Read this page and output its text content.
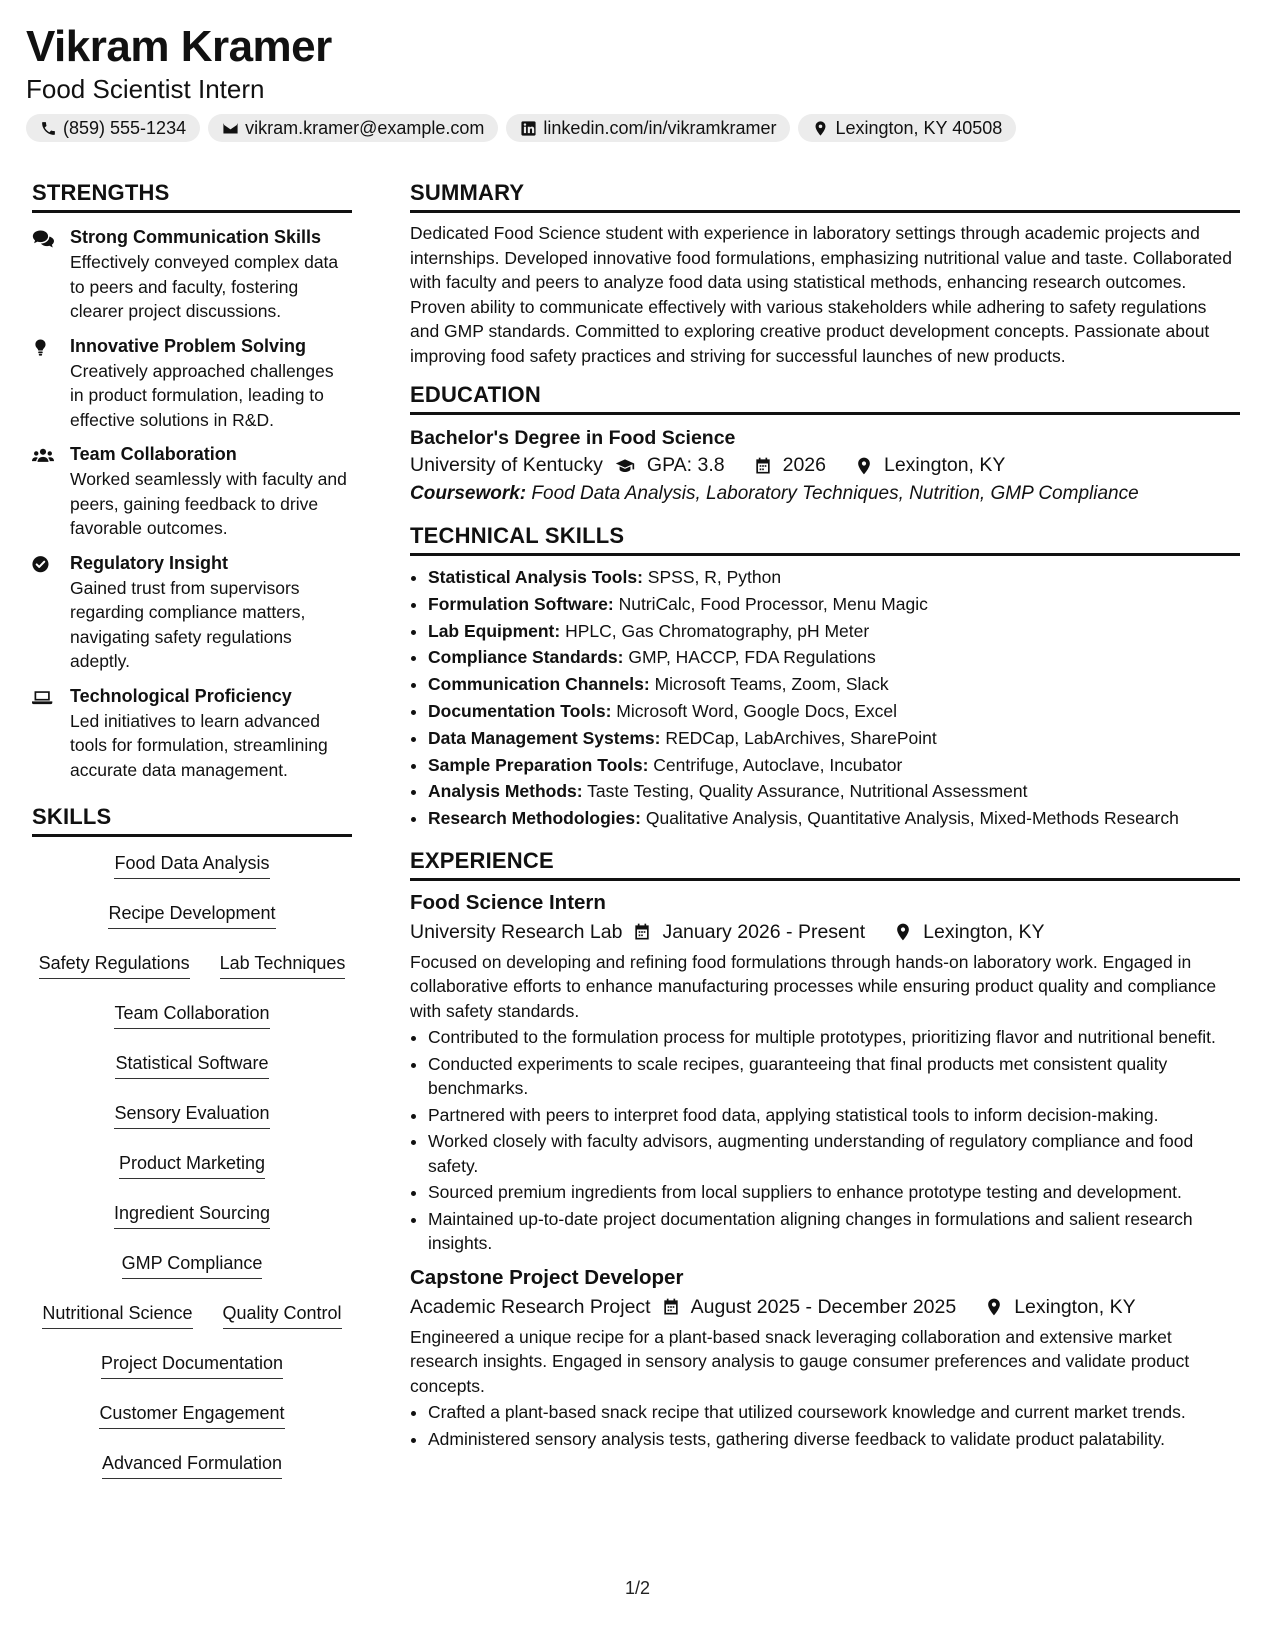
Vikram Kramer
Food Scientist Intern
(859) 555-1234	vikram.kramer@example.com	linkedin.com/in/vikramkramer	Lexington, KY 40508
STRENGTHS
Strong Communication Skills
Effectively conveyed complex data to peers and faculty, fostering clearer project discussions.
Innovative Problem Solving
Creatively approached challenges in product formulation, leading to effective solutions in R&D.
Team Collaboration
Worked seamlessly with faculty and peers, gaining feedback to drive favorable outcomes.
Regulatory Insight
Gained trust from supervisors regarding compliance matters, navigating safety regulations adeptly.
Technological Proficiency
Led initiatives to learn advanced tools for formulation, streamlining accurate data management.
SKILLS
Food Data Analysis
Recipe Development
Safety Regulations Lab Techniques
Team Collaboration
Statistical Software
Sensory Evaluation
Product Marketing
Ingredient Sourcing
GMP Compliance
Nutritional Science Quality Control
Project Documentation
Customer Engagement
Advanced Formulation
SUMMARY

Dedicated Food Science student with experience in laboratory settings through academic projects and internships. Developed innovative food formulations, emphasizing nutritional value and taste. Collaborated with faculty and peers to analyze food data using statistical methods, enhancing research outcomes. Proven ability to communicate effectively with various stakeholders while adhering to safety regulations and GMP standards. Committed to exploring creative product development concepts. Passionate about improving food safety practices and striving for successful launches of new products.

EDUCATION
Bachelor's Degree in Food Science
University of Kentucky GPA: 3.8	2026	Lexington, KY
Coursework: Food Data Analysis, Laboratory Techniques, Nutrition, GMP Compliance
TECHNICAL SKILLS
• Statistical Analysis Tools: SPSS, R, Python
• Formulation Software: NutriCalc, Food Processor, Menu Magic
• Lab Equipment: HPLC, Gas Chromatography, pH Meter
• Compliance Standards: GMP, HACCP, FDA Regulations
• Communication Channels: Microsoft Teams, Zoom, Slack
• Documentation Tools: Microsoft Word, Google Docs, Excel
• Data Management Systems: REDCap, LabArchives, SharePoint
• Sample Preparation Tools: Centrifuge, Autoclave, Incubator
• Analysis Methods: Taste Testing, Quality Assurance, Nutritional Assessment
• Research Methodologies: Qualitative Analysis, Quantitative Analysis, Mixed-Methods Research
EXPERIENCE
Food Science Intern
University Research Lab January 2026 - Present	Lexington, KY

Focused on developing and refining food formulations through hands-on laboratory work. Engaged in collaborative efforts to enhance manufacturing processes while ensuring product quality and compliance with safety standards.

• Contributed to the formulation process for multiple prototypes, prioritizing flavor and nutritional benefit.
• Conducted experiments to scale recipes, guaranteeing that final products met consistent quality benchmarks.
• Partnered with peers to interpret food data, applying statistical tools to inform decision-making.
• Worked closely with faculty advisors, augmenting understanding of regulatory compliance and food safety.
• Sourced premium ingredients from local suppliers to enhance prototype testing and development.
• Maintained up-to-date project documentation aligning changes in formulations and salient research insights.
Capstone Project Developer
Academic Research Project August 2025 - December 2025	Lexington, KY

Engineered a unique recipe for a plant-based snack leveraging collaboration and extensive market research insights. Engaged in sensory analysis to gauge consumer preferences and validate product concepts.

• Crafted a plant-based snack recipe that utilized coursework knowledge and current market trends.
• Administered sensory analysis tests, gathering diverse feedback to validate product palatability.
1/2
